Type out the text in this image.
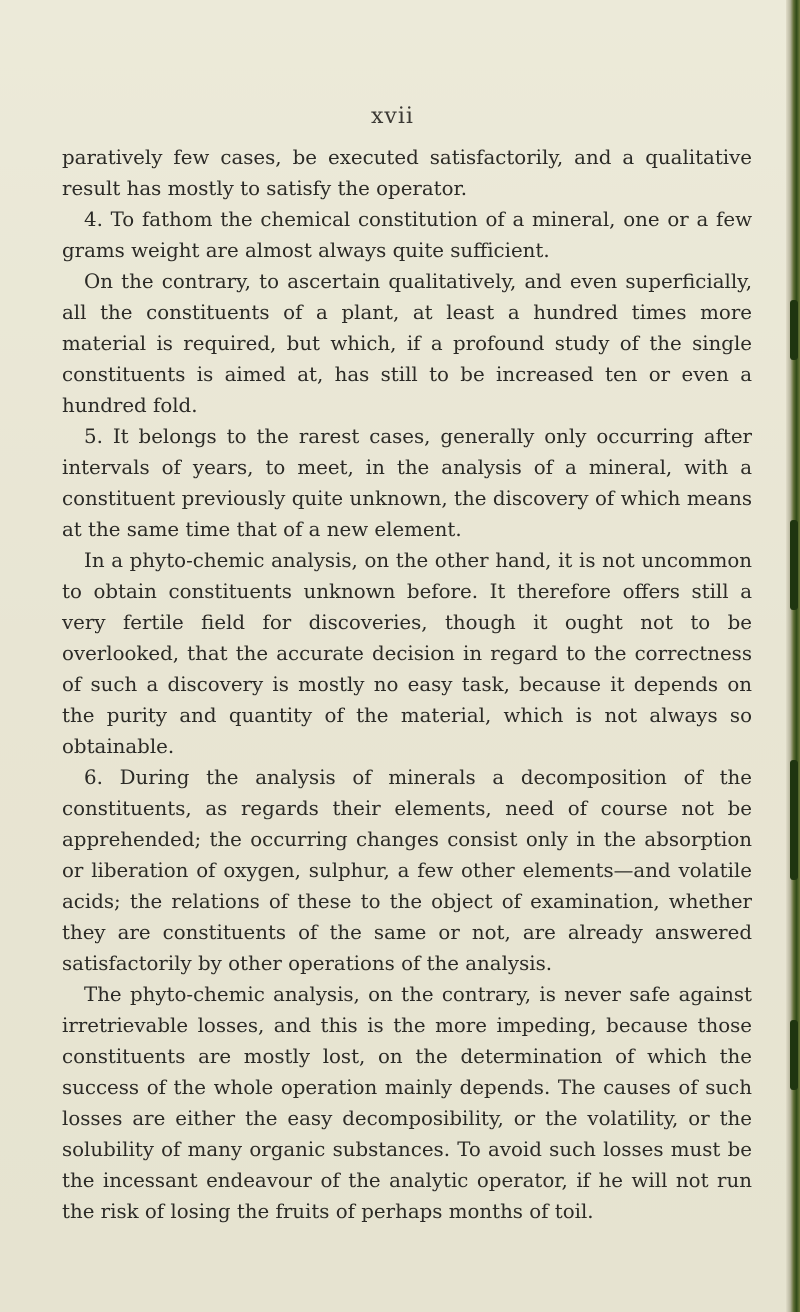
xvii

paratively few cases, be executed satisfactorily, and a qualitative result has mostly to satisfy the operator.

4. To fathom the chemical constitution of a mineral, one or a few grams weight are almost always quite sufficient.

On the contrary, to ascertain qualitatively, and even superficially, all the constituents of a plant, at least a hundred times more material is required, but which, if a profound study of the single constituents is aimed at, has still to be increased ten or even a hundred fold.

5. It belongs to the rarest cases, generally only occurring after intervals of years, to meet, in the analysis of a mineral, with a constituent previously quite unknown, the discovery of which means at the same time that of a new element.

In a phyto-chemic analysis, on the other hand, it is not uncommon to obtain constituents unknown before. It therefore offers still a very fertile field for discoveries, though it ought not to be overlooked, that the accurate decision in regard to the correctness of such a discovery is mostly no easy task, because it depends on the purity and quantity of the material, which is not always so obtainable.

6. During the analysis of minerals a decomposition of the constituents, as regards their elements, need of course not be apprehended; the occurring changes consist only in the absorption or liberation of oxygen, sulphur, a few other elements—and volatile acids; the relations of these to the object of examination, whether they are constituents of the same or not, are already answered satisfactorily by other operations of the analysis.

The phyto-chemic analysis, on the contrary, is never safe against irretrievable losses, and this is the more impeding, because those constituents are mostly lost, on the determination of which the success of the whole operation mainly depends. The causes of such losses are either the easy decomposibility, or the volatility, or the solubility of many organic substances. To avoid such losses must be the incessant endeavour of the analytic operator, if he will not run the risk of losing the fruits of perhaps months of toil.
